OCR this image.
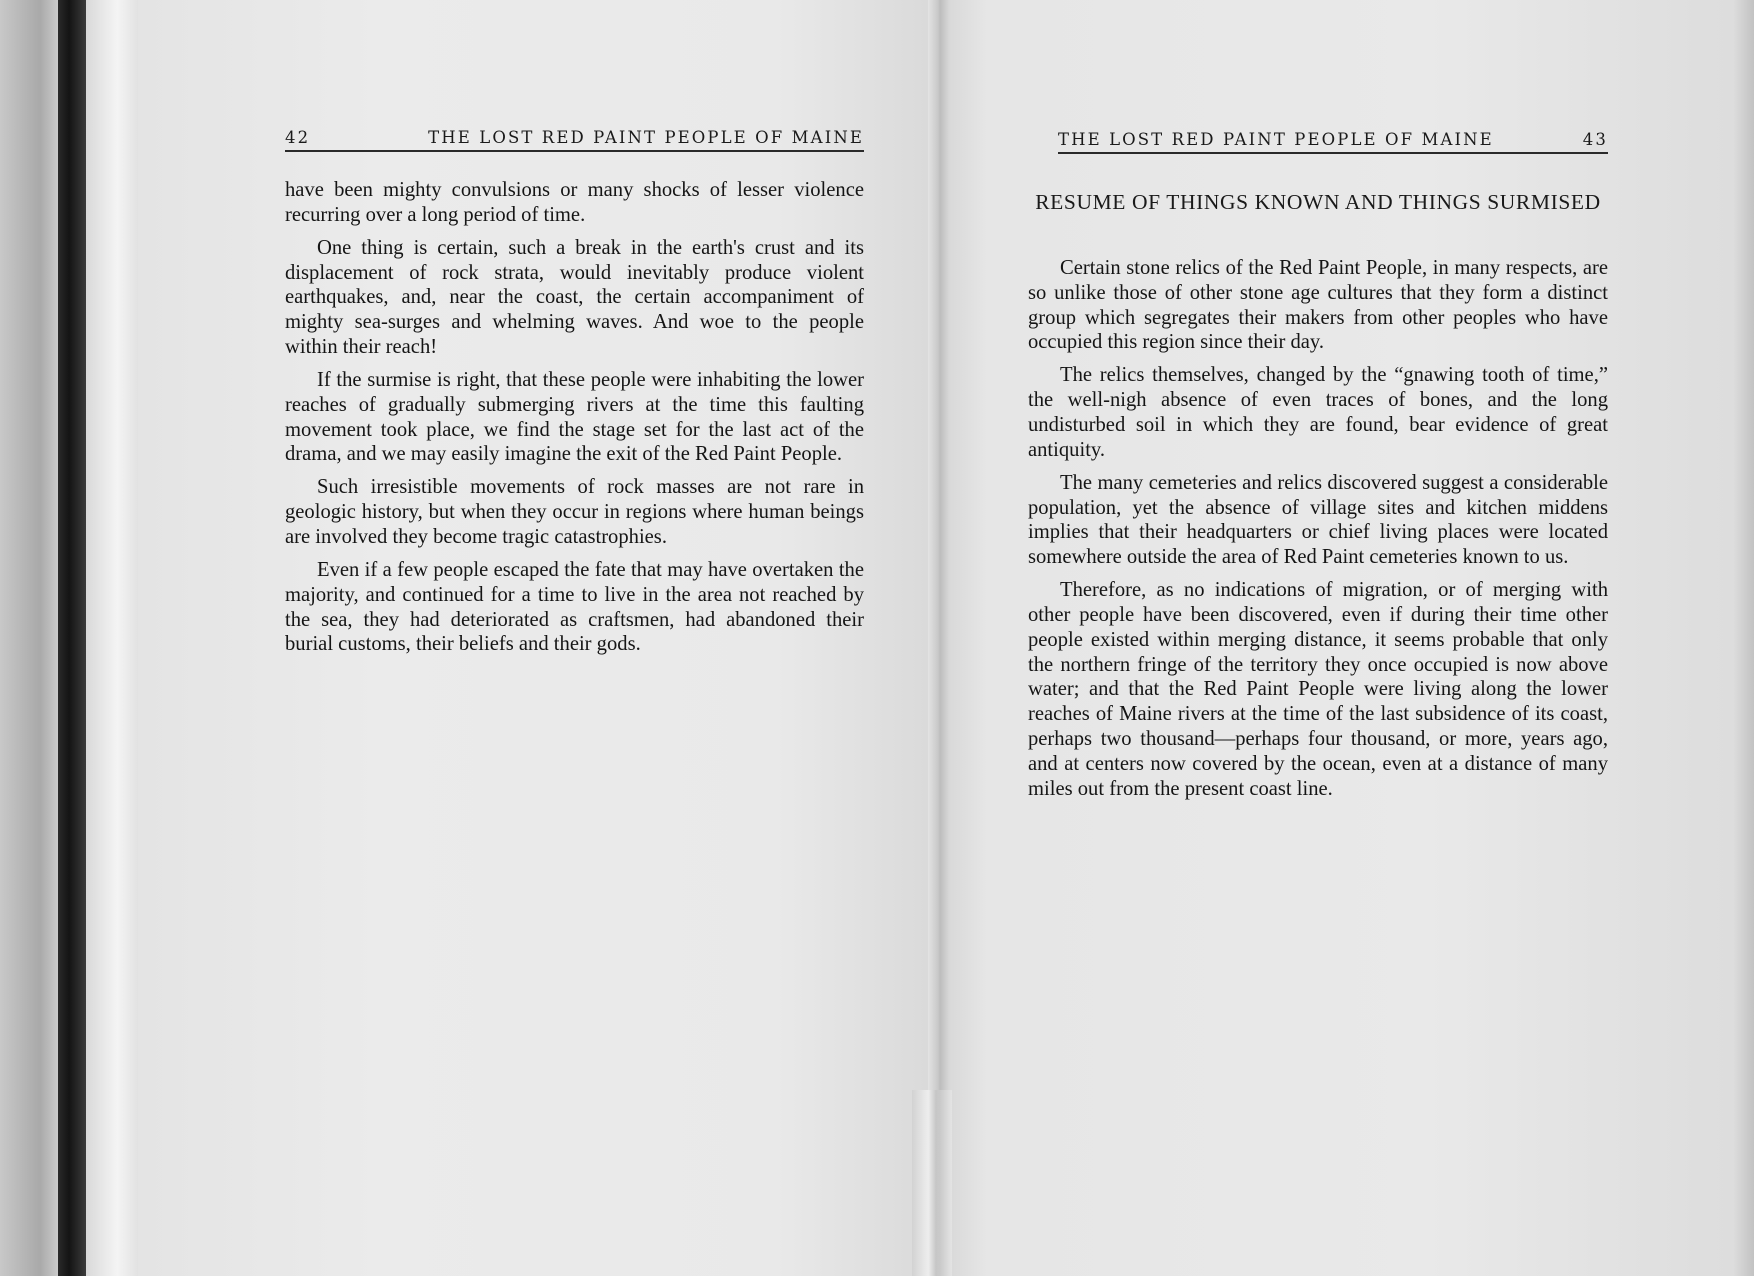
42	THE LOST RED PAINT PEOPLE OF MAINE

have been mighty convulsions or many shocks of lesser violence recurring over a long period of time.

One thing is certain, such a break in the earth's crust and its displacement of rock strata, would inevitably produce violent earthquakes, and, near the coast, the certain accompaniment of mighty sea-surges and whelming waves. And woe to the people within their reach!

If the surmise is right, that these people were inhabiting the lower reaches of gradually submerging rivers at the time this faulting movement took place, we find the stage set for the last act of the drama, and we may easily imagine the exit of the Red Paint People.

Such irresistible movements of rock masses are not rare in geologic history, but when they occur in regions where human beings are involved they become tragic catastrophies.

Even if a few people escaped the fate that may have overtaken the majority, and continued for a time to live in the area not reached by the sea, they had deteriorated as craftsmen, had abandoned their burial customs, their beliefs and their gods.

THE LOST RED PAINT PEOPLE OF MAINE	43
RESUME OF THINGS KNOWN AND THINGS SURMISED

Certain stone relics of the Red Paint People, in many respects, are so unlike those of other stone age cultures that they form a distinct group which segregates their makers from other peoples who have occupied this region since their day.

The relics themselves, changed by the “gnawing tooth of time,” the well-nigh absence of even traces of bones, and the long undisturbed soil in which they are found, bear evidence of great antiquity.

The many cemeteries and relics discovered suggest a considerable population, yet the absence of village sites and kitchen middens implies that their headquarters or chief living places were located somewhere outside the area of Red Paint cemeteries known to us.

Therefore, as no indications of migration, or of merging with other people have been discovered, even if during their time other people existed within merging distance, it seems probable that only the northern fringe of the territory they once occupied is now above water; and that the Red Paint People were living along the lower reaches of Maine rivers at the time of the last subsidence of its coast, perhaps two thousand—perhaps four thousand, or more, years ago, and at centers now covered by the ocean, even at a distance of many miles out from the present coast line.
